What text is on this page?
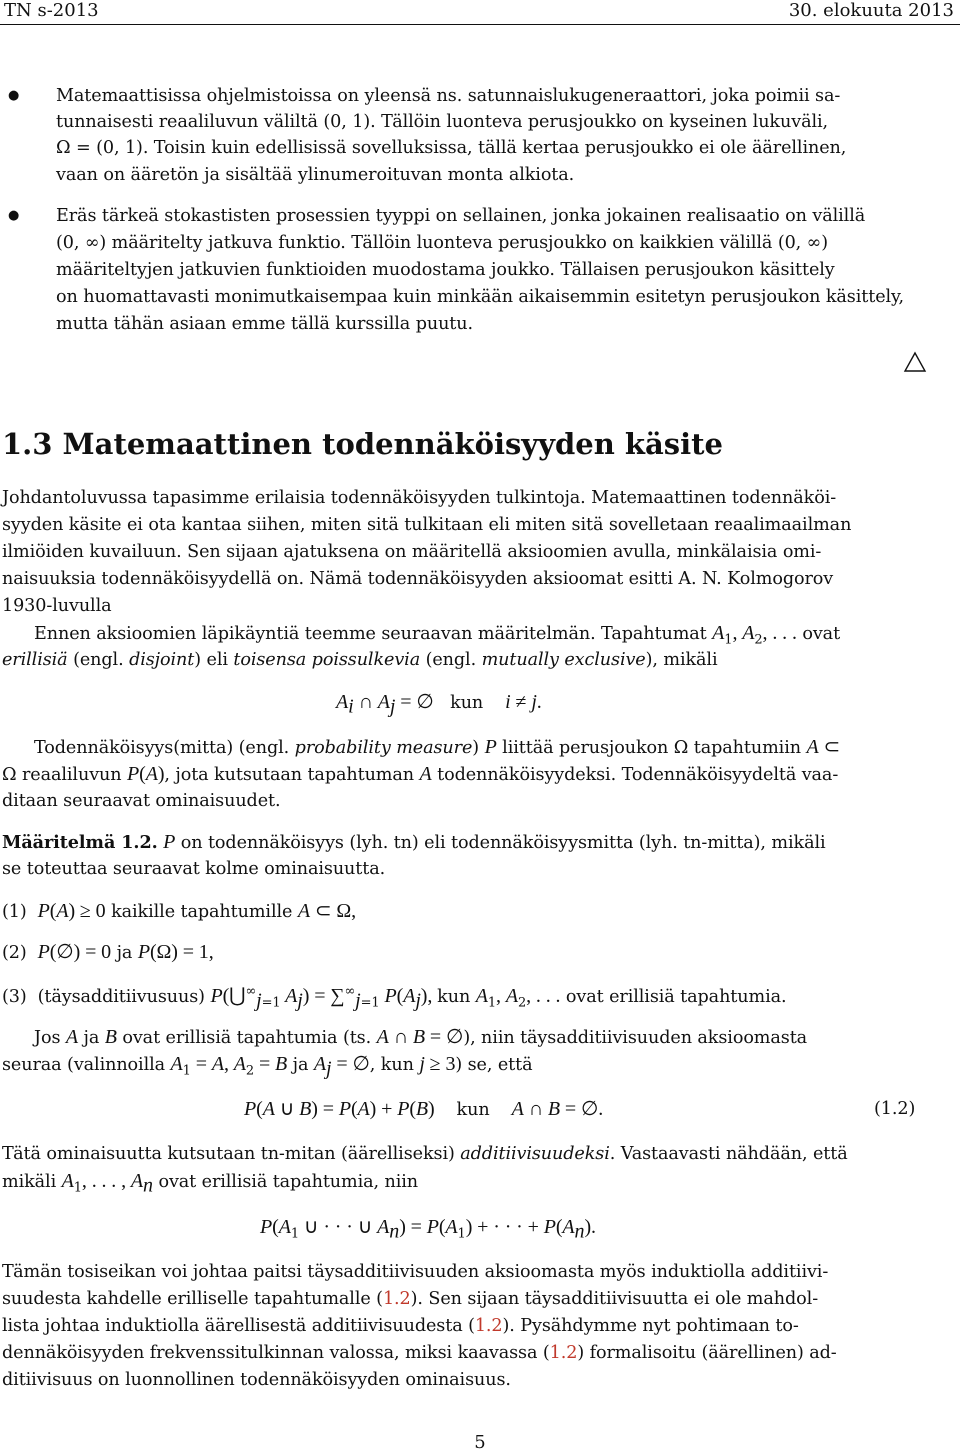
TN s-2013	30. elokuuta 2013
● Matemaattisissa ohjelmistoissa on yleensä ns. satunnaislukugeneraattori, joka poimii sa-
tunnaisesti reaaliluvun väliltä (0, 1). Tällöin luonteva perusjoukko on kyseinen lukuväli,
Ω = (0, 1). Toisin kuin edellisissä sovelluksissa, tällä kertaa perusjoukko ei ole äärellinen,
vaan on ääretön ja sisältää ylinumeroituvan monta alkiota.
● Eräs tärkeä stokastisten prosessien tyyppi on sellainen, jonka jokainen realisaatio on välillä
(0, ∞) määritelty jatkuva funktio. Tällöin luonteva perusjoukko on kaikkien välillä (0, ∞)
määriteltyjen jatkuvien funktioiden muodostama joukko. Tällaisen perusjoukon käsittely
on huomattavasti monimutkaisempaa kuin minkään aikaisemmin esitetyn perusjoukon käsittely,
mutta tähän asiaan emme tällä kurssilla puutu.
1.3 Matemaattinen todennäköisyyden käsite
Johdantoluvussa tapasimme erilaisia todennäköisyyden tulkintoja. Matemaattinen todennäköi-
syyden käsite ei ota kantaa siihen, miten sitä tulkitaan eli miten sitä sovelletaan reaalimaailman
ilmiöiden kuvailuun. Sen sijaan ajatuksena on määritellä aksioomien avulla, minkälaisia omi-
naisuuksia todennäköisyydellä on. Nämä todennäköisyyden aksioomat esitti A. N. Kolmogorov
1930-luvulla
Ennen aksioomien läpikäyntiä teemme seuraavan määritelmän. Tapahtumat $A_1$, $A_2$, . . . ovat
erillisiä (engl. disjoint) eli toisensa poissulkevia (engl. mutually exclusive), mikäli
$A_i$ ∩ $A_j$ = ∅ kun i ≠ j.
Todennäköisyys(mitta) (engl. probability measure) P liittää perusjoukon Ω tapahtumiin A ⊂
Ω reaaliluvun P(A), jota kutsutaan tapahtuman A todennäköisyydeksi. Todennäköisyydeltä vaa-
ditaan seuraavat ominaisuudet.
Määritelmä 1.2. P on todennäköisyys (lyh. tn) eli todennäköisyysmitta (lyh. tn-mitta), mikäli
se toteuttaa seuraavat kolme ominaisuutta.
(1) P(A) ≥ 0 kaikille tapahtumille A ⊂ Ω,
(2) P(∅) = 0 ja P(Ω) = 1,
(3) (täysadditiivusuus) $P(⋃^\infty_{j=1}$ $A_j) = \sum^\infty_{j=1}$ $P(A_j)$, kun $A_1$, $A_2$, . . . ovat erillisiä tapahtumia.
Jos A ja B ovat erillisiä tapahtumia (ts. A ∩ B = ∅), niin täysadditiivisuuden aksioomasta
seuraa (valinnoilla $A_1 = A$, $A_2 = B$ ja $A_j$ = ∅, kun j ≥ 3) se, että
P(A ∪ B) = P(A) + P(B) kun A ∩ B = ∅.	(1.2)
Tätä ominaisuutta kutsutaan tn-mitan (äärelliseksi) additiivisuudeksi. Vastaavasti nähdään, että
mikäli $A_1$, . . . , $A_n$ ovat erillisiä tapahtumia, niin
$P(A_1$ ∪ · · · ∪ $A_n) = P(A_1)$ + · · · + $P(A_n)$.
Tämän tosiseikan voi johtaa paitsi täysadditiivisuuden aksioomasta myös induktiolla additiivi-
suudesta kahdelle erilliselle tapahtumalle (1.2). Sen sijaan täysadditiivisuutta ei ole mahdol-
lista johtaa induktiolla äärellisestä additiivisuudesta (1.2). Pysähdymme nyt pohtimaan to-
dennäköisyyden frekvenssitulkinnan valossa, miksi kaavassa (1.2) formalisoitu (äärellinen) ad-
ditiivisuus on luonnollinen todennäköisyyden ominaisuus.
5
